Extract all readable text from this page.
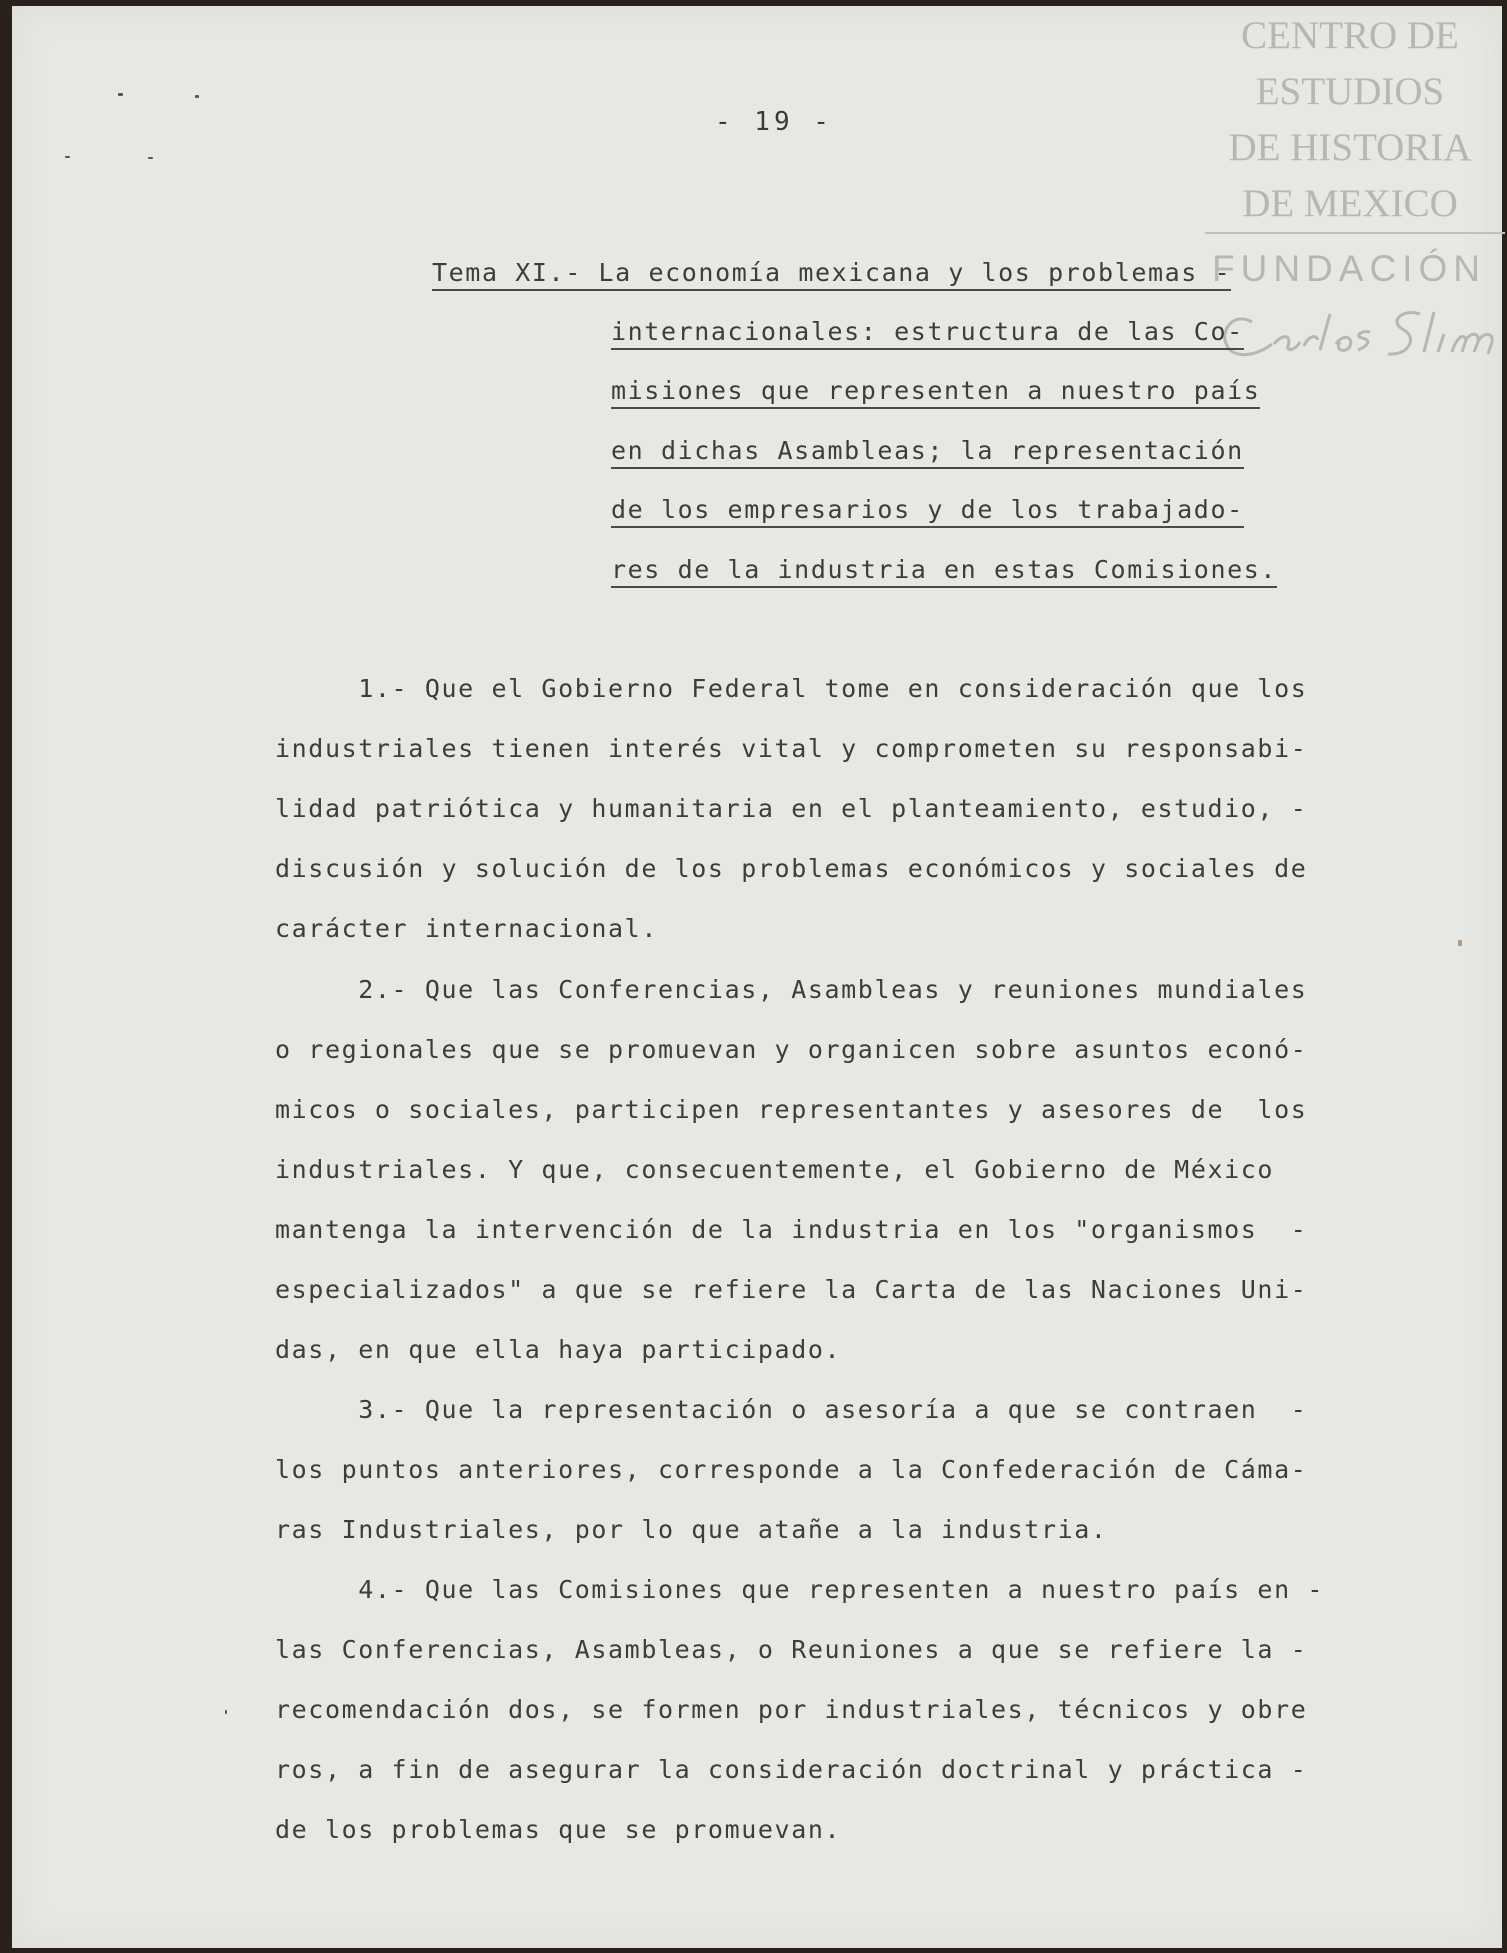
CENTRO DE
ESTUDIOS
DE HISTORIA
DE MEXICO
FUNDACIÓN
- 19 -
Tema XI.- La economía mexicana y los problemas -
internacionales: estructura de las Co-
misiones que representen a nuestro país
en dichas Asambleas; la representación
de los empresarios y de los trabajado-
res de la industria en estas Comisiones.
1.- Que el Gobierno Federal tome en consideración que los
industriales tienen interés vital y comprometen su responsabi-
lidad patriótica y humanitaria en el planteamiento, estudio, -
discusión y solución de los problemas económicos y sociales de
carácter internacional.
2.- Que las Conferencias, Asambleas y reuniones mundiales
o regionales que se promuevan y organicen sobre asuntos econó-
micos o sociales, participen representantes y asesores de  los
industriales. Y que, consecuentemente, el Gobierno de México
mantenga la intervención de la industria en los "organismos  -
especializados" a que se refiere la Carta de las Naciones Uni-
das, en que ella haya participado.
3.- Que la representación o asesoría a que se contraen  -
los puntos anteriores, corresponde a la Confederación de Cáma-
ras Industriales, por lo que atañe a la industria.
4.- Que las Comisiones que representen a nuestro país en -
las Conferencias, Asambleas, o Reuniones a que se refiere la -
recomendación dos, se formen por industriales, técnicos y obre
ros, a fin de asegurar la consideración doctrinal y práctica -
de los problemas que se promuevan.
